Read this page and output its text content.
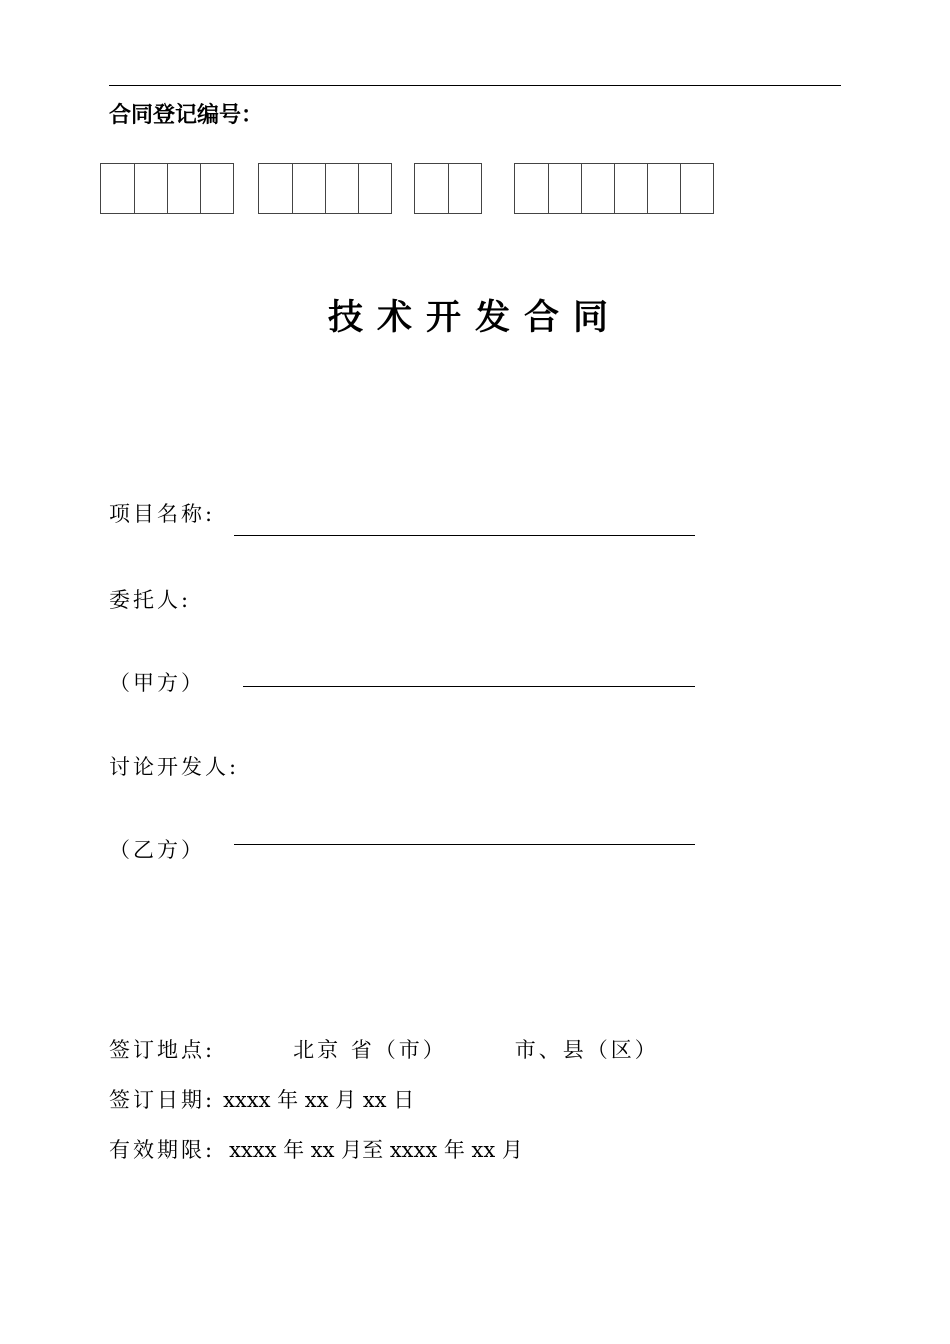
合同登记编号：
技术开发合同
项目名称:
委托人:
（甲方）
讨论开发人:
（乙方）
签订地点:	北京 省（市）	市、县（区）
签订日期: xxxx 年 xx 月 xx 日
有效期限: xxxx 年 xx 月至 xxxx 年 xx 月
